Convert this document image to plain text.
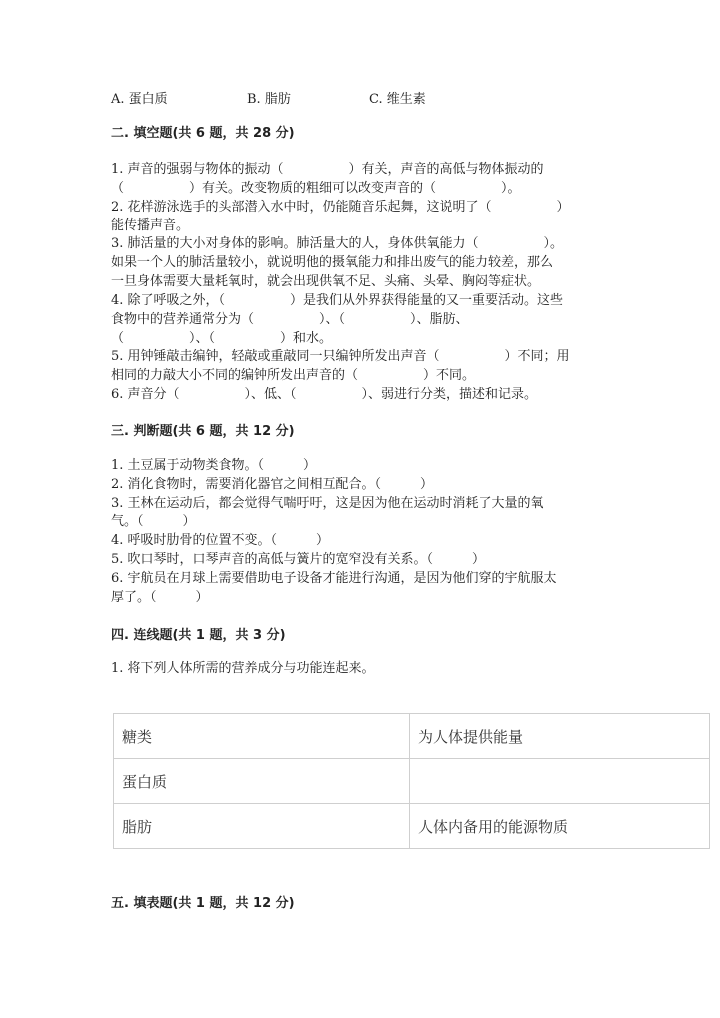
A. 蛋白质	B. 脂肪	C. 维生素
二. 填空题(共 6 题，共 28 分)
1. 声音的强弱与物体的振动（　　　　　）有关，声音的高低与物体振动的
（　　　　　）有关。改变物质的粗细可以改变声音的（　　　　　）。
2. 花样游泳选手的头部潜入水中时，仍能随音乐起舞，这说明了（　　　　　）
能传播声音。
3. 肺活量的大小对身体的影响。肺活量大的人，身体供氧能力（　　　　　）。
如果一个人的肺活量较小，就说明他的摄氧能力和排出废气的能力较差，那么
一旦身体需要大量耗氧时，就会出现供氧不足、头痛、头晕、胸闷等症状。
4. 除了呼吸之外，（　　　　　）是我们从外界获得能量的又一重要活动。这些
食物中的营养通常分为（　　　　　）、（　　　　　）、脂肪、
（　　　　　）、（　　　　　）和水。
5. 用钟锤敲击编钟，轻敲或重敲同一只编钟所发出声音（　　　　　）不同；用
相同的力敲大小不同的编钟所发出声音的（　　　　　）不同。
6. 声音分（　　　　　）、低、（　　　　　）、弱进行分类，描述和记录。
三. 判断题(共 6 题，共 12 分)
1. 土豆属于动物类食物。（　　　）
2. 消化食物时，需要消化器官之间相互配合。（　　　）
3. 王林在运动后，都会觉得气喘吁吁，这是因为他在运动时消耗了大量的氧
气。（　　　）
4. 呼吸时肋骨的位置不变。（　　　）
5. 吹口琴时，口琴声音的高低与簧片的宽窄没有关系。（　　　）
6. 宇航员在月球上需要借助电子设备才能进行沟通，是因为他们穿的宇航服太
厚了。（　　　）
四. 连线题(共 1 题，共 3 分)
1. 将下列人体所需的营养成分与功能连起来。
糖类	为人体提供能量
蛋白质	
脂肪	人体内备用的能源物质
五. 填表题(共 1 题，共 12 分)
